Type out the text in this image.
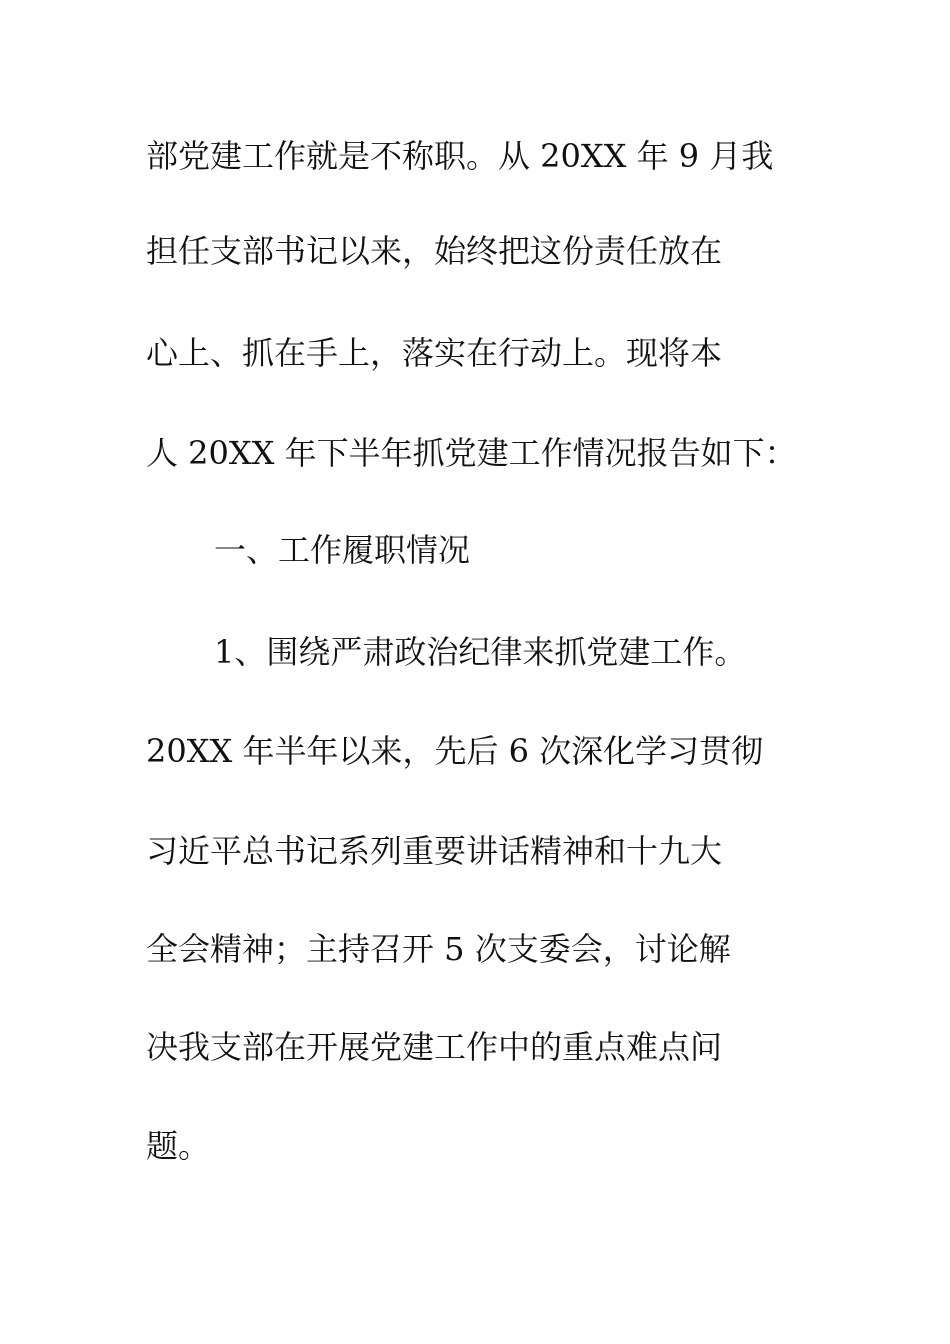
部党建工作就是不称职。从 20XX 年 9 月我

担任支部书记以来，始终把这份责任放在

心上、抓在手上，落实在行动上。现将本

人 20XX 年下半年抓党建工作情况报告如下：

一、工作履职情况

1、围绕严肃政治纪律来抓党建工作。

20XX 年半年以来，先后 6 次深化学习贯彻

习近平总书记系列重要讲话精神和十九大

全会精神；主持召开 5 次支委会，讨论解

决我支部在开展党建工作中的重点难点问

题。
